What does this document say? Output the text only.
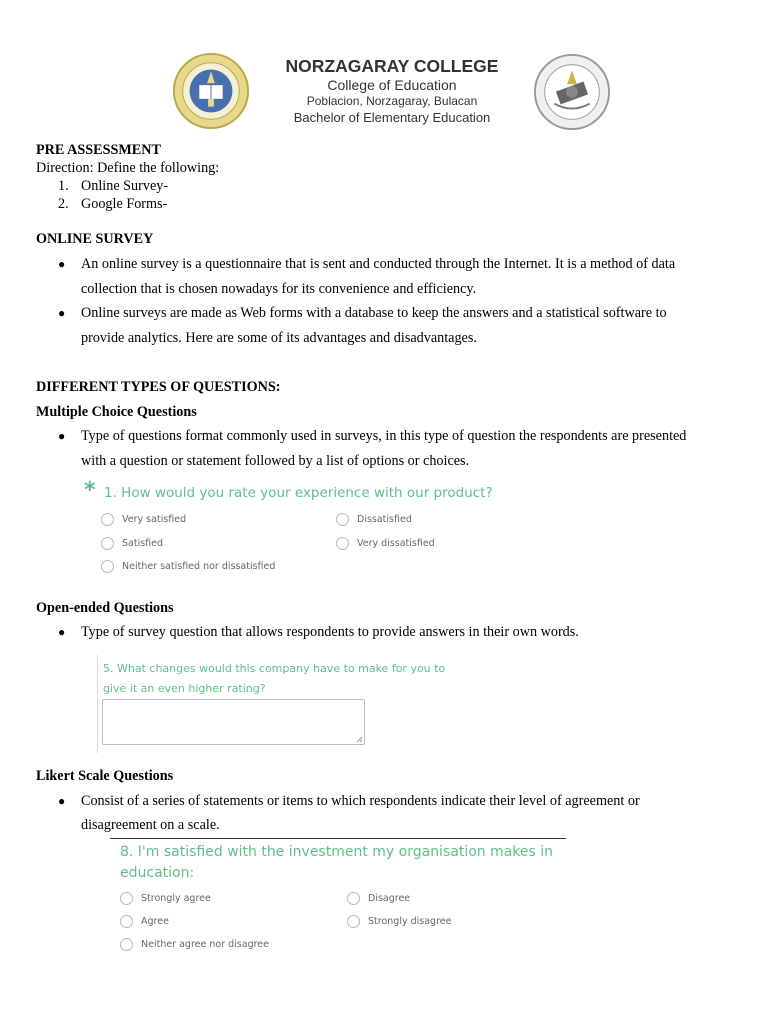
NORZAGARAY COLLEGE
College of Education
Poblacion, Norzagaray, Bulacan
Bachelor of Elementary Education
PRE ASSESSMENT
Direction: Define the following:
1. Online Survey-
2. Google Forms-
ONLINE SURVEY
● An online survey is a questionnaire that is sent and conducted through the Internet. It is a method of data
collection that is chosen nowadays for its convenience and efficiency.
● Online surveys are made as Web forms with a database to keep the answers and a statistical software to
provide analytics. Here are some of its advantages and disadvantages.
DIFFERENT TYPES OF QUESTIONS:
Multiple Choice Questions
● Type of questions format commonly used in surveys, in this type of question the respondents are presented
with a question or statement followed by a list of options or choices.
* 1. How would you rate your experience with our product?
Very satisfied	Dissatisfied
Satisfied	Very dissatisfied
Neither satisfied nor dissatisfied
Open-ended Questions
● Type of survey question that allows respondents to provide answers in their own words.
5. What changes would this company have to make for you to
give it an even higher rating?
Likert Scale Questions
● Consist of a series of statements or items to which respondents indicate their level of agreement or
disagreement on a scale.
8. I'm satisfied with the investment my organisation makes in
education:
Strongly agree	Disagree
Agree	Strongly disagree
Neither agree nor disagree
